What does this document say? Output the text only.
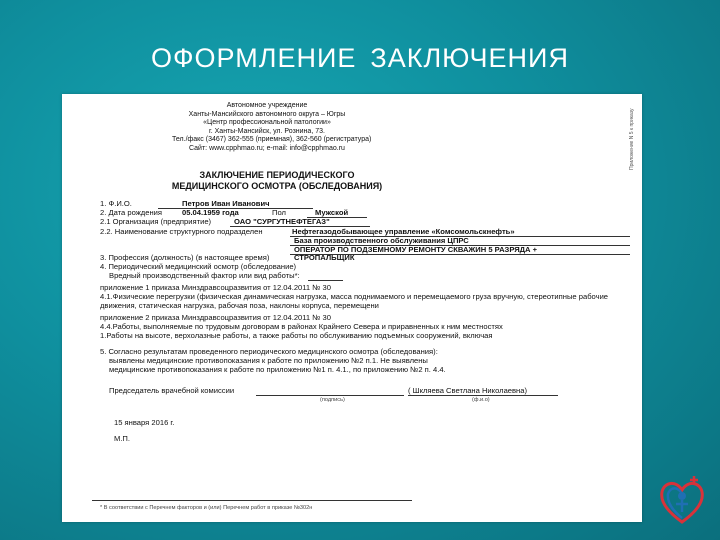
ОФОРМЛЕНИЕ ЗАКЛЮЧЕНИЯ
Приложение N 5 к приказу
Автономное учреждение
Ханты-Мансийского автономного округа – Югры
«Центр профессиональной патологии»
г. Ханты-Мансийск, ул. Рознина, 73.
Тел./факс (3467) 362-555 (приемная), 362-560 (регистратура)
Сайт: www.cpphmao.ru; e-mail: info@cpphmao.ru
ЗАКЛЮЧЕНИЕ ПЕРИОДИЧЕСКОГО
МЕДИЦИНСКОГО ОСМОТРА (ОБСЛЕДОВАНИЯ)
1. Ф.И.О.	Петров Иван Иванович
2. Дата рождения	05.04.1959 года	Пол	Мужской
2.1 Организация (предприятие)	ОАО "СУРГУТНЕФТЕГАЗ"
2.2. Наименование структурного подразделен	Нефтегазодобывающее управление «Комсомольскнефть»
База производственного обслуживания ЦПРС
ОПЕРАТОР ПО ПОДЗЕМНОМУ РЕМОНТУ СКВАЖИН 5 РАЗРЯДА +
3. Профессия (должность) (в настоящее время)	СТРОПАЛЬЩИК
4. Периодический медицинский осмотр (обследование)
Вредный производственный фактор или вид работы*:
приложение 1 приказа Минздравсоцразвития от 12.04.2011 № 30
4.1.Физические перегрузки (физическая динамическая нагрузка, масса поднимаемого и перемещаемого груза вручную, стереотипные рабочие движения, статическая нагрузка, рабочая поза, наклоны корпуса, перемещени
приложение 2 приказа Минздравсоцразвития от 12.04.2011 № 30
4.4.Работы, выполняемые по трудовым договорам в районах Крайнего Севера и приравненных к ним местностях
1.Работы на высоте, верхолазные работы, а также работы по обслуживанию подъемных сооружений, включая
5. Согласно результатам проведенного периодического медицинского осмотра (обследования):
выявлены медицинские противопоказания к работе по приложению №2 п.1. Не выявлены
медицинские противопоказания к работе по приложению №1 п. 4.1., по приложению №2 п. 4.4.
Председатель врачебной комиссии	( Шкляева Светлана Николаевна)
(подпись)	(ф.и.о)
15 января 2016 г.
М.П.
* В соответствии с Перечнем факторов и (или) Перечнем работ в приказе №302н
